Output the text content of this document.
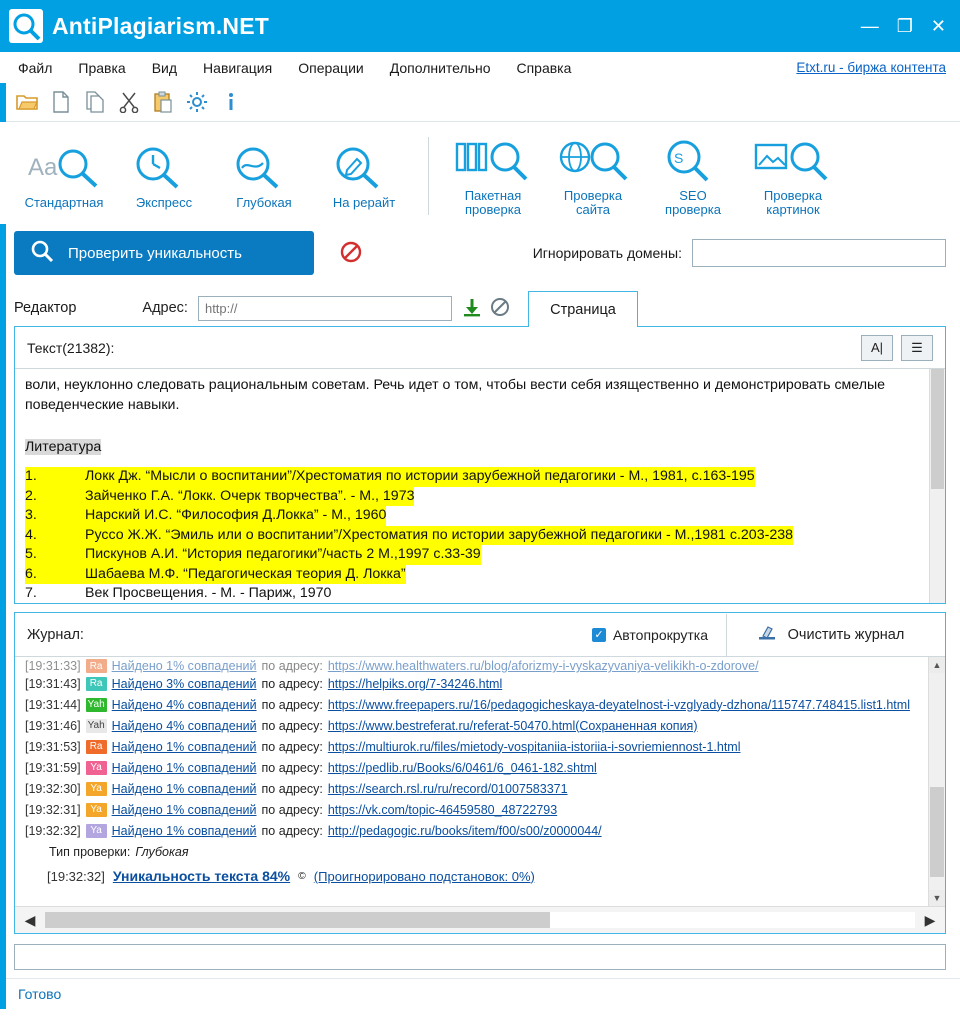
AntiPlagiarism.NET	— ❐ ✕
Файл Правка Вид Навигация Операции Дополнительно Справка	Etxt.ru - биржа контента
Aa
Стандартная	Экспресс	Глубокая	На рерайт	Пакетная
проверка
Проверка
сайта
S
SEO
проверка
Проверка
картинок
Проверить уникальность	Игнорировать домены:
Редактор	Адрес:
http://	Страница
Текст(21382):	A|	☰

воли, неуклонно следовать рациональным советам. Речь идет о том, чтобы вести себя изящественно и демонстрировать смелые поведенческие навыки.

Литература

1.	Локк Дж. “Мысли о воспитании”/Хрестоматия по истории зарубежной педагогики - М., 1981, с.163-195
2.	Зайченко Г.А. “Локк. Очерк творчества”. - М., 1973
3.	Нарский И.С. “Философия Д.Локка” - М., 1960
4.	Руссо Ж.Ж. “Эмиль или о воспитании”/Хрестоматия по истории зарубежной педагогики - М.,1981 с.203-238
5.	Пискунов А.И. “История педагогики”/часть 2 М.,1997 с.33-39
6.	Шабаева М.Ф. “Педагогическая теория Д. Локка”
7.	Век Просвещения. - М. - Париж, 1970
Журнал:	✓ Автопрокрутка	Очистить журнал
[19:31:33] Ra Найдено 1% совпадений по адресу: https://www.healthwaters.ru/blog/aforizmy-i-vyskazyvaniya-velikikh-o-zdorove/
[19:31:43] Ra Найдено 3% совпадений по адресу: https://helpiks.org/7-34246.html
[19:31:44] Yah Найдено 4% совпадений по адресу: https://www.freepapers.ru/16/pedagogicheskaya-deyatelnost-i-vzglyady-dzhona/115747.748415.list1.html
[19:31:46] Yah Найдено 4% совпадений по адресу: https://www.bestreferat.ru/referat-50470.html(Сохраненная копия)
[19:31:53] Ra Найдено 1% совпадений по адресу: https://multiurok.ru/files/mietody-vospitaniia-istoriia-i-sovriemiennost-1.html
[19:31:59] Ya Найдено 1% совпадений по адресу: https://pedlib.ru/Books/6/0461/6_0461-182.shtml
[19:32:30] Ya Найдено 1% совпадений по адресу: https://search.rsl.ru/ru/record/01007583371
[19:32:31] Ya Найдено 1% совпадений по адресу: https://vk.com/topic-46459580_48722793
[19:32:32] Ya Найдено 1% совпадений по адресу: http://pedagogic.ru/books/item/f00/s00/z0000044/
Тип проверки: Глубокая
[19:32:32] Уникальность текста 84% © (Проигнорировано подстановок: 0%)
▲
▼
◀	▶
Готово
